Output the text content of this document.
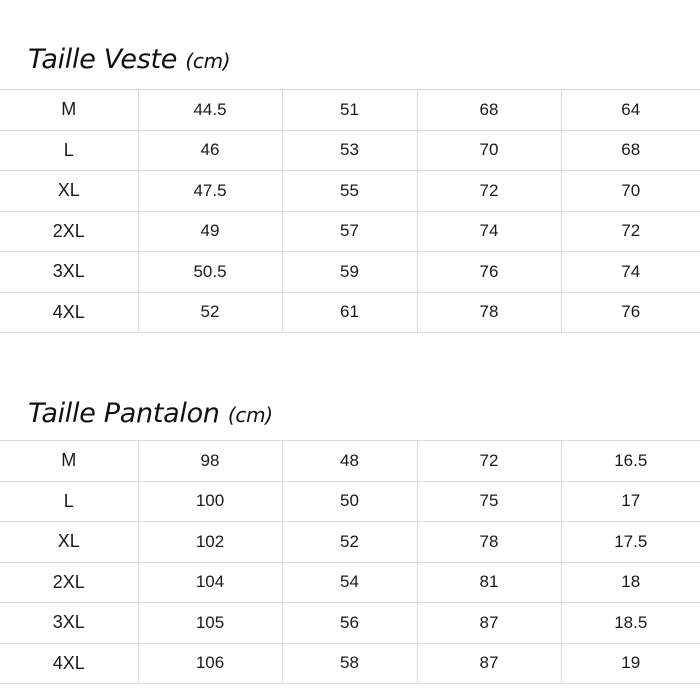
Taille Veste (cm)
M	44.5	51	68	64
L	46	53	70	68
XL	47.5	55	72	70
2XL	49	57	74	72
3XL	50.5	59	76	74
4XL	52	61	78	76
Taille Pantalon (cm)
M	98	48	72	16.5
L	100	50	75	17
XL	102	52	78	17.5
2XL	104	54	81	18
3XL	105	56	87	18.5
4XL	106	58	87	19
